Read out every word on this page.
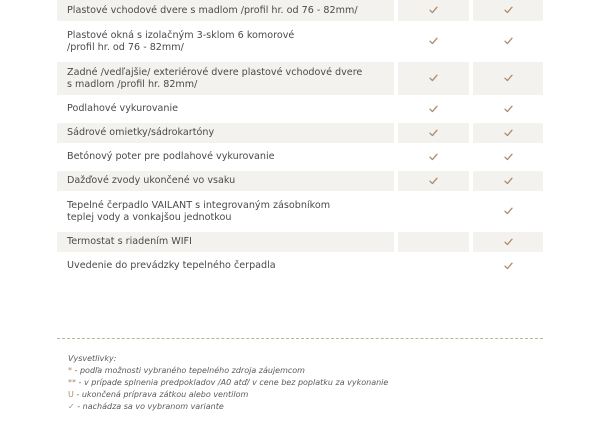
Plastové vchodové dvere s madlom /profil hr. od 76 - 82mm/
Plastové okná s izolačným 3-sklom 6 komorové
/profil hr. od 76 - 82mm/
Zadné /vedľajšie/ exteriérové dvere plastové vchodové dvere
s madlom /profil hr. 82mm/
Podlahové vykurovanie
Sádrové omietky/sádrokartóny
Betónový poter pre podlahové vykurovanie
Dažďové zvody ukončené vo vsaku
Tepelné čerpadlo VAILANT s integrovaným zásobníkom
teplej vody a vonkajšou jednotkou
Termostat s riadením WIFI
Uvedenie do prevádzky tepelného čerpadla
Vysvetlivky:
* - podľa možnosti vybraného tepelného zdroja záujemcom
** - v prípade splnenia predpokladov /A0 atď/ v cene bez poplatku za vykonanie
U - ukončená príprava zátkou alebo ventilom
✓ - nachádza sa vo vybranom variante
